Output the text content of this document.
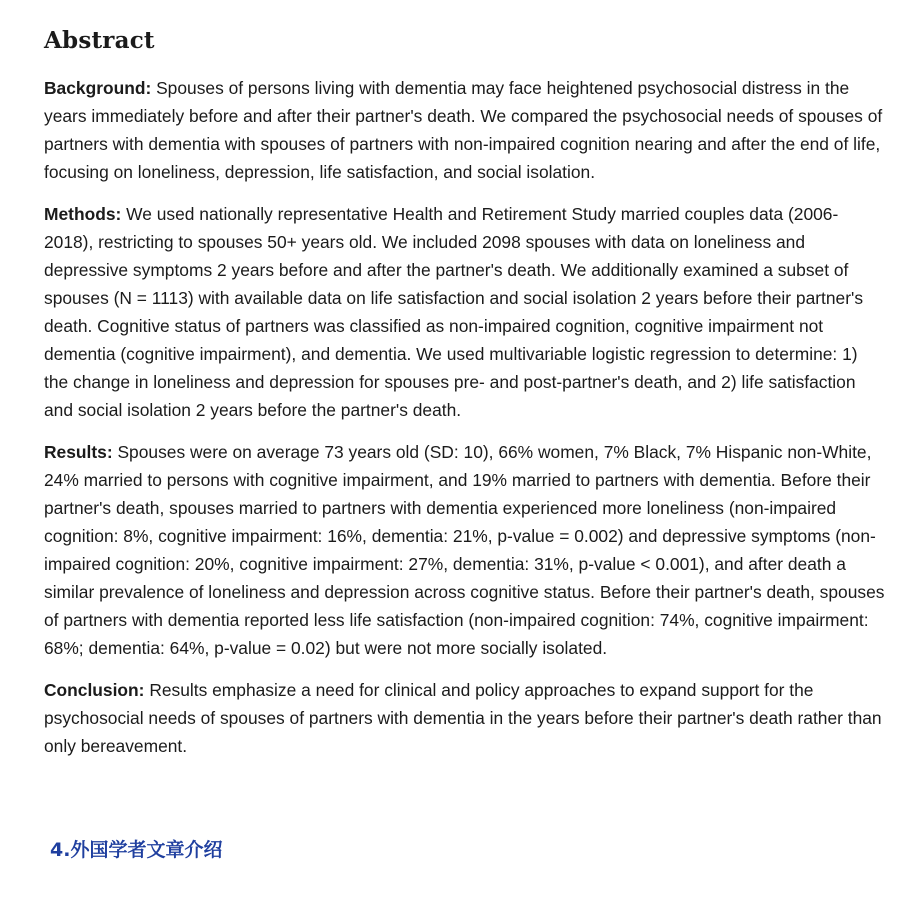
Abstract

Background: Spouses of persons living with dementia may face heightened psychosocial distress in the years immediately before and after their partner's death. We compared the psychosocial needs of spouses of partners with dementia with spouses of partners with non-impaired cognition nearing and after the end of life, focusing on loneliness, depression, life satisfaction, and social isolation.

Methods: We used nationally representative Health and Retirement Study married couples data (2006-2018), restricting to spouses 50+ years old. We included 2098 spouses with data on loneliness and depressive symptoms 2 years before and after the partner's death. We additionally examined a subset of spouses (N = 1113) with available data on life satisfaction and social isolation 2 years before their partner's death. Cognitive status of partners was classified as non-impaired cognition, cognitive impairment not dementia (cognitive impairment), and dementia. We used multivariable logistic regression to determine: 1) the change in loneliness and depression for spouses pre- and post-partner's death, and 2) life satisfaction and social isolation 2 years before the partner's death.

Results: Spouses were on average 73 years old (SD: 10), 66% women, 7% Black, 7% Hispanic non-White, 24% married to persons with cognitive impairment, and 19% married to partners with dementia. Before their partner's death, spouses married to partners with dementia experienced more loneliness (non-impaired cognition: 8%, cognitive impairment: 16%, dementia: 21%, p-value = 0.002) and depressive symptoms (non-impaired cognition: 20%, cognitive impairment: 27%, dementia: 31%, p-value < 0.001), and after death a similar prevalence of loneliness and depression across cognitive status. Before their partner's death, spouses of partners with dementia reported less life satisfaction (non-impaired cognition: 74%, cognitive impairment: 68%; dementia: 64%, p-value = 0.02) but were not more socially isolated.

Conclusion: Results emphasize a need for clinical and policy approaches to expand support for the psychosocial needs of spouses of partners with dementia in the years before their partner's death rather than only bereavement.

4.外国学者文章介绍
